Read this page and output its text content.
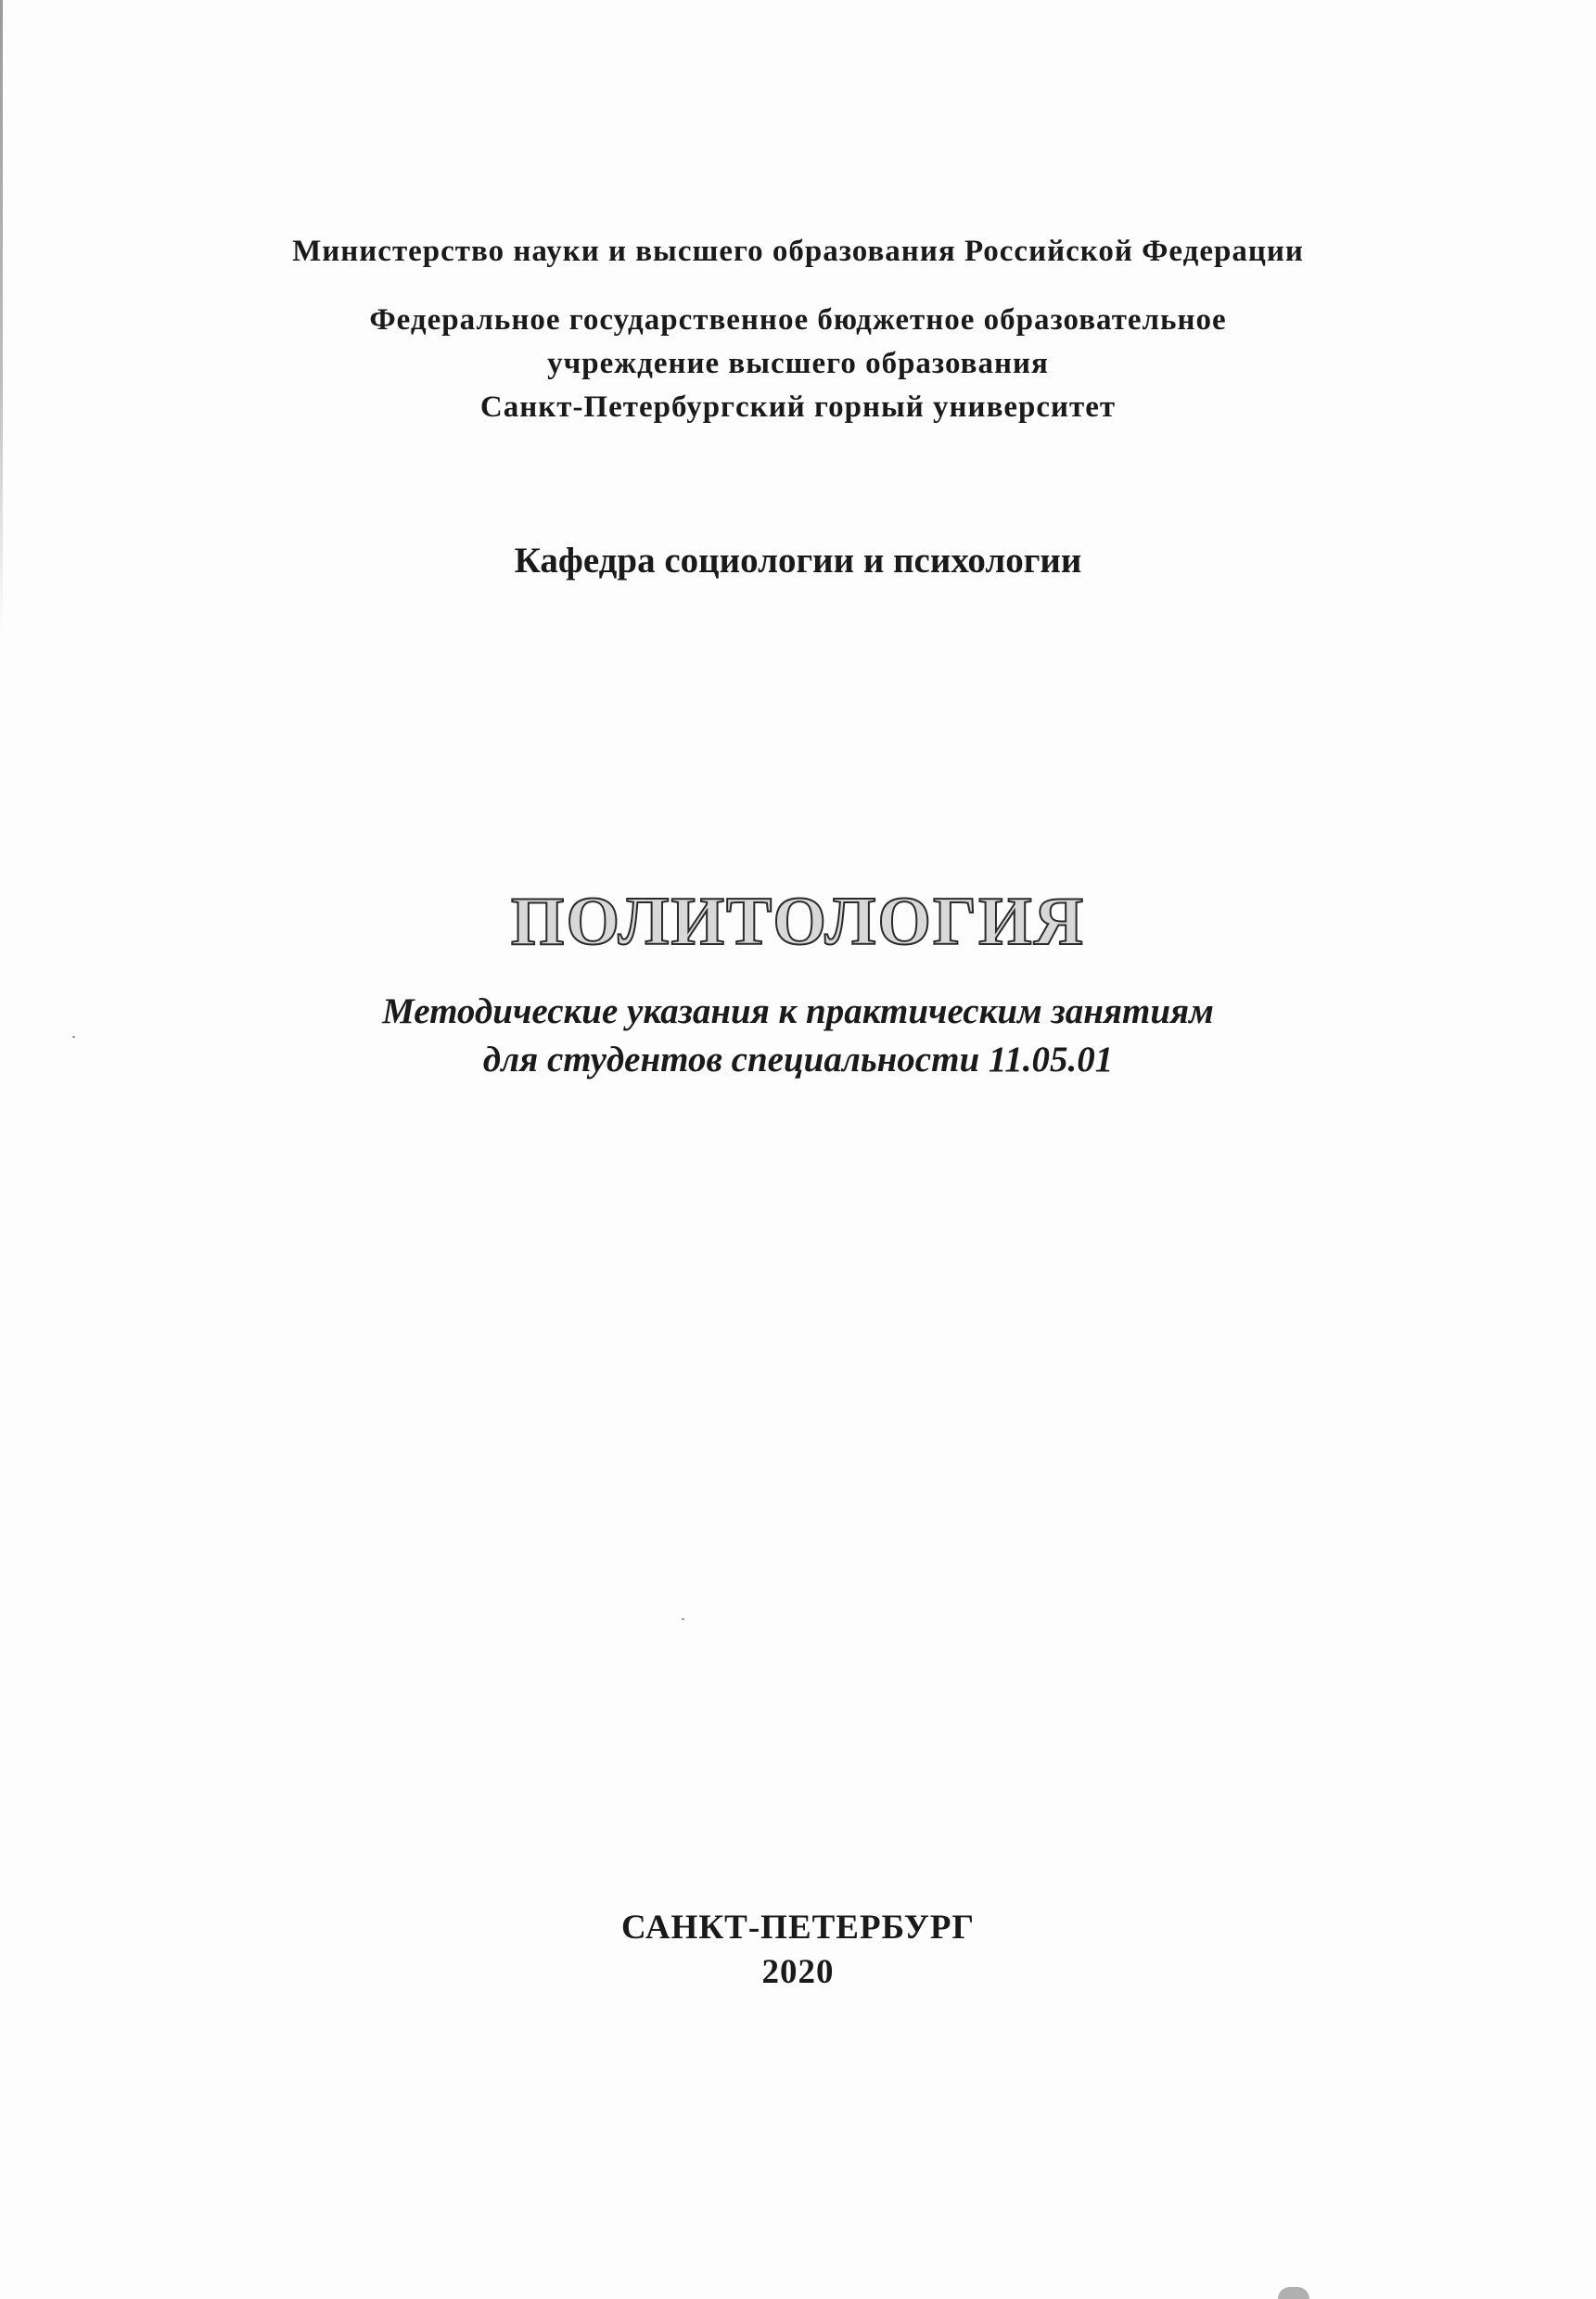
Министерство науки и высшего образования Российской Федерации
Федеральное государственное бюджетное образовательное
учреждение высшего образования
Санкт-Петербургский горный университет
Кафедра социологии и психологии
ПОЛИТОЛОГИЯ
Методические указания к практическим занятиям
для студентов специальности 11.05.01
САНКТ-ПЕТЕРБУРГ
2020
